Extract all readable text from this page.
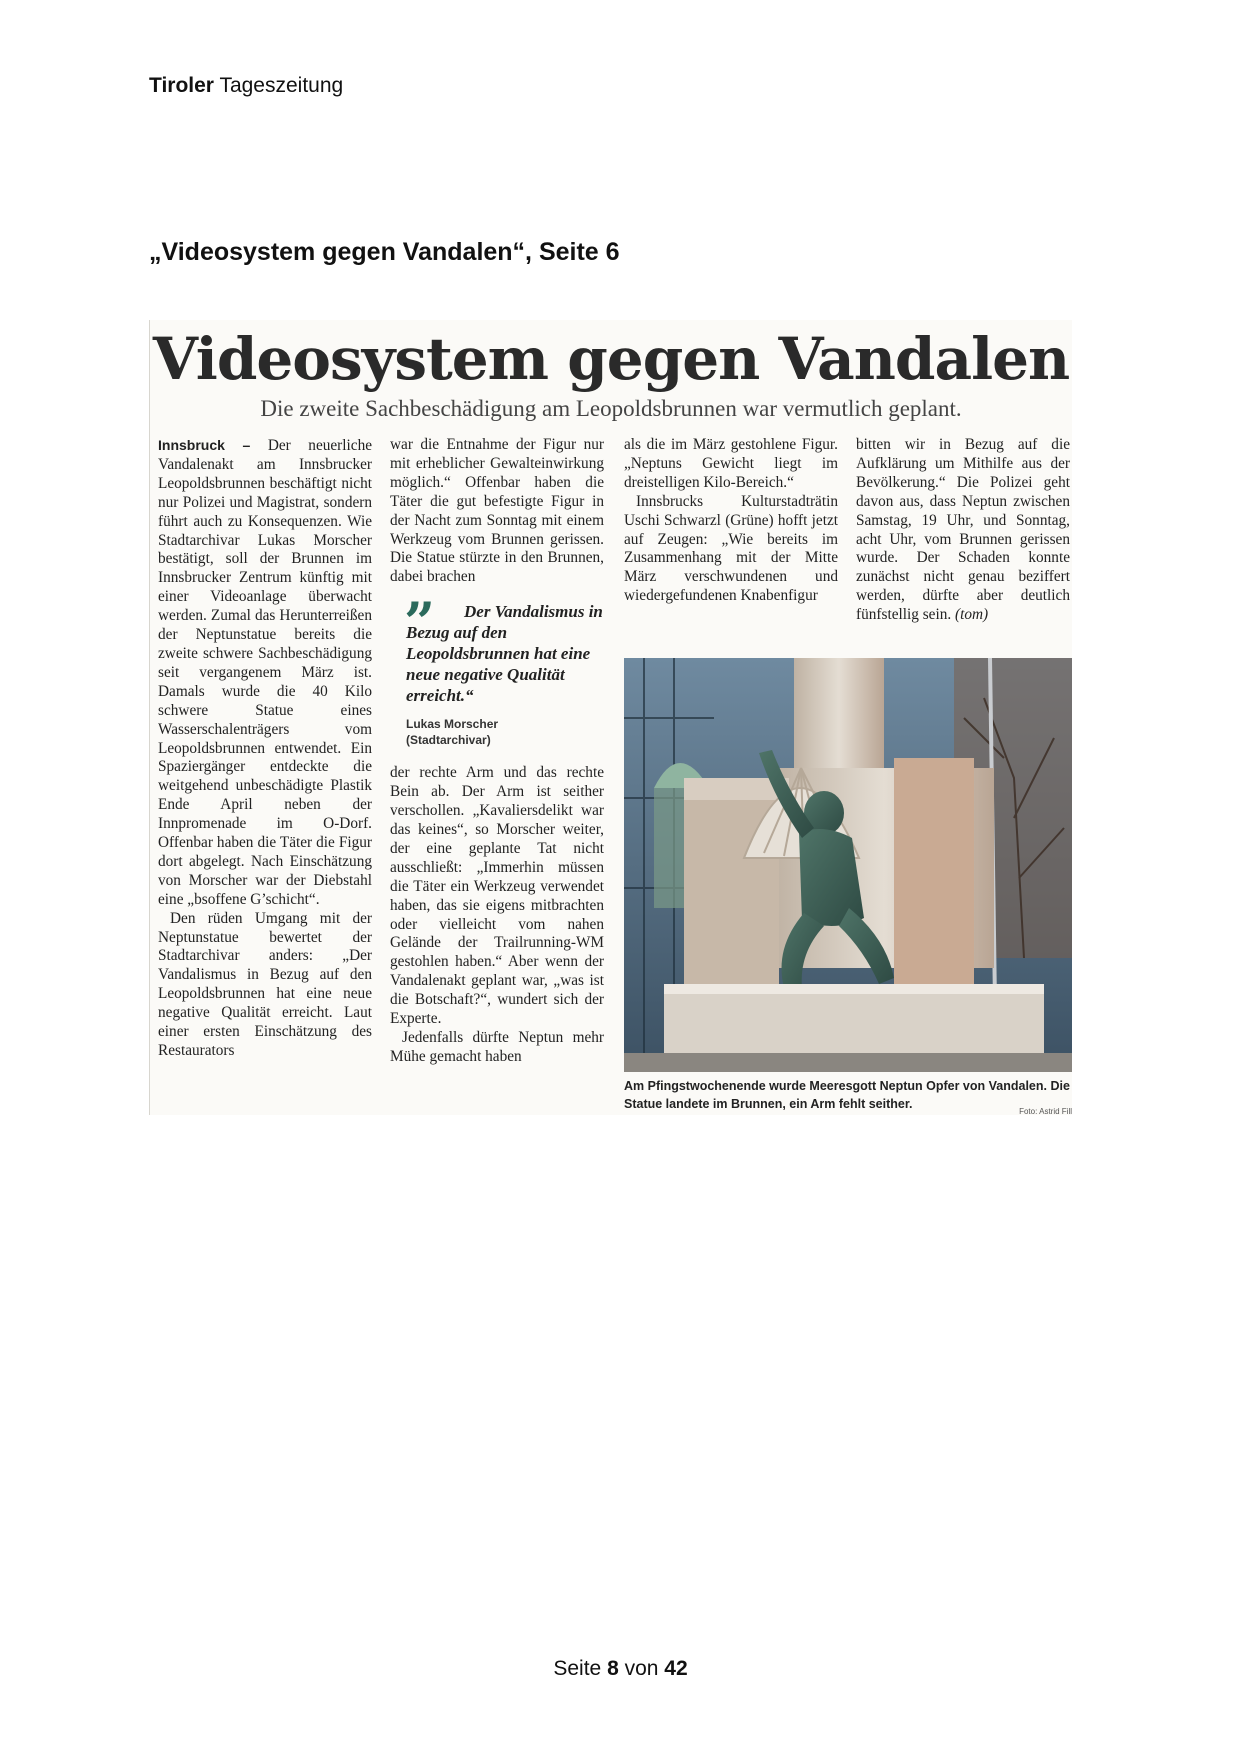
Tiroler Tageszeitung
„Videosystem gegen Vandalen“, Seite 6
Videosystem gegen Vandalen
Die zweite Sachbeschädigung am Leopoldsbrunnen war vermutlich geplant.

Innsbruck – Der neuerliche Vandalenakt am Innsbrucker Leopoldsbrunnen beschäftigt nicht nur Polizei und Magistrat, sondern führt auch zu Konsequenzen. Wie Stadtarchivar Lukas Morscher bestätigt, soll der Brunnen im Innsbrucker Zentrum künftig mit einer Videoanlage überwacht werden. Zumal das Herunterreißen der Neptunstatue bereits die zweite schwere Sachbeschädigung seit vergangenem März ist. Damals wurde die 40 Kilo schwere Statue eines Wasserschalenträgers vom Leopoldsbrunnen entwendet. Ein Spaziergänger entdeckte die weitgehend unbeschädigte Plastik Ende April neben der Innpromenade im O-Dorf. Offenbar haben die Täter die Figur dort abgelegt. Nach Einschätzung von Morscher war der Diebstahl eine „bsoffene G’schicht“.

Den rüden Umgang mit der Neptunstatue bewertet der Stadtarchivar anders: „Der Vandalismus in Bezug auf den Leopoldsbrunnen hat eine neue negative Qualität erreicht. Laut einer ersten Einschätzung des Restaurators

war die Entnahme der Figur nur mit erheblicher Gewalteinwirkung möglich.“ Offenbar haben die Täter die gut befestigte Figur in der Nacht zum Sonntag mit einem Werkzeug vom Brunnen gerissen. Die Statue stürzte in den Brunnen, dabei brachen

”	Der Vandalismus in Bezug auf den Leopoldsbrunnen hat eine neue negative Qualität erreicht.“
Lukas Morscher
(Stadtarchivar)

der rechte Arm und das rechte Bein ab. Der Arm ist seither verschollen. „Kavaliersdelikt war das keines“, so Morscher weiter, der eine geplante Tat nicht ausschließt: „Immerhin müssen die Täter ein Werkzeug verwendet haben, das sie eigens mitbrachten oder vielleicht vom nahen Gelände der Trailrunning-WM gestohlen haben.“ Aber wenn der Vandalenakt geplant war, „was ist die Botschaft?“, wundert sich der Experte.

Jedenfalls dürfte Neptun mehr Mühe gemacht haben

als die im März gestohlene Figur. „Neptuns Gewicht liegt im dreistelligen Kilo-Bereich.“

Innsbrucks Kulturstadträtin Uschi Schwarzl (Grüne) hofft jetzt auf Zeugen: „Wie bereits im Zusammenhang mit der Mitte März verschwundenen und wiedergefundenen Knabenfigur

bitten wir in Bezug auf die Aufklärung um Mithilfe aus der Bevölkerung.“ Die Polizei geht davon aus, dass Neptun zwischen Samstag, 19 Uhr, und Sonntag, acht Uhr, vom Brunnen gerissen wurde. Der Schaden konnte zunächst nicht genau beziffert werden, dürfte aber deutlich fünfstellig sein. (tom)

Am Pfingstwochenende wurde Meeresgott Neptun Opfer von Vandalen. Die Statue landete im Brunnen, ein Arm fehlt seither.
Foto: Astrid Fill
Seite 8 von 42
